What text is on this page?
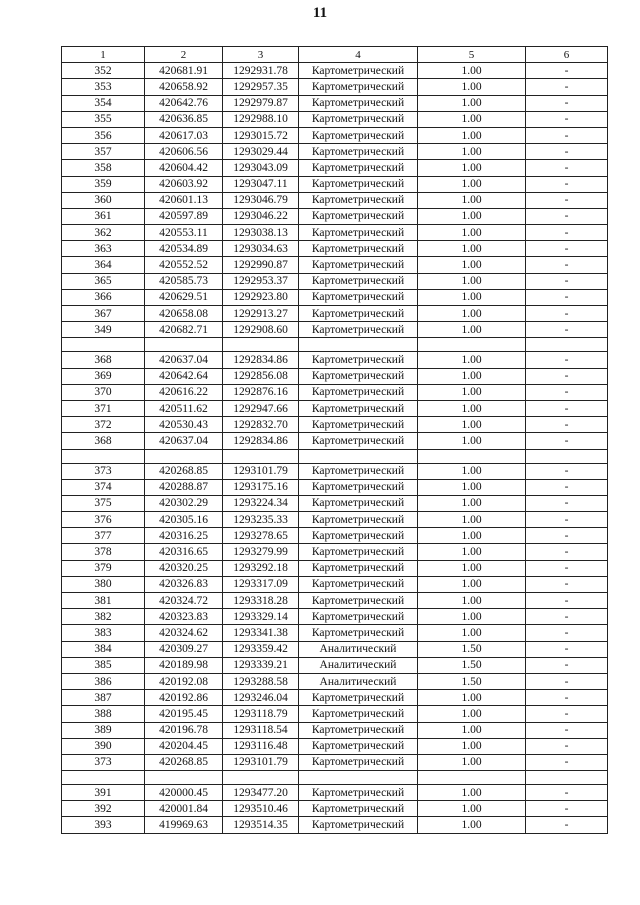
11
1	2	3	4	5	6
352	420681.91	1292931.78	Картометрический	1.00	-
353	420658.92	1292957.35	Картометрический	1.00	-
354	420642.76	1292979.87	Картометрический	1.00	-
355	420636.85	1292988.10	Картометрический	1.00	-
356	420617.03	1293015.72	Картометрический	1.00	-
357	420606.56	1293029.44	Картометрический	1.00	-
358	420604.42	1293043.09	Картометрический	1.00	-
359	420603.92	1293047.11	Картометрический	1.00	-
360	420601.13	1293046.79	Картометрический	1.00	-
361	420597.89	1293046.22	Картометрический	1.00	-
362	420553.11	1293038.13	Картометрический	1.00	-
363	420534.89	1293034.63	Картометрический	1.00	-
364	420552.52	1292990.87	Картометрический	1.00	-
365	420585.73	1292953.37	Картометрический	1.00	-
366	420629.51	1292923.80	Картометрический	1.00	-
367	420658.08	1292913.27	Картометрический	1.00	-
349	420682.71	1292908.60	Картометрический	1.00	-

368	420637.04	1292834.86	Картометрический	1.00	-
369	420642.64	1292856.08	Картометрический	1.00	-
370	420616.22	1292876.16	Картометрический	1.00	-
371	420511.62	1292947.66	Картометрический	1.00	-
372	420530.43	1292832.70	Картометрический	1.00	-
368	420637.04	1292834.86	Картометрический	1.00	-

373	420268.85	1293101.79	Картометрический	1.00	-
374	420288.87	1293175.16	Картометрический	1.00	-
375	420302.29	1293224.34	Картометрический	1.00	-
376	420305.16	1293235.33	Картометрический	1.00	-
377	420316.25	1293278.65	Картометрический	1.00	-
378	420316.65	1293279.99	Картометрический	1.00	-
379	420320.25	1293292.18	Картометрический	1.00	-
380	420326.83	1293317.09	Картометрический	1.00	-
381	420324.72	1293318.28	Картометрический	1.00	-
382	420323.83	1293329.14	Картометрический	1.00	-
383	420324.62	1293341.38	Картометрический	1.00	-
384	420309.27	1293359.42	Аналитический	1.50	-
385	420189.98	1293339.21	Аналитический	1.50	-
386	420192.08	1293288.58	Аналитический	1.50	-
387	420192.86	1293246.04	Картометрический	1.00	-
388	420195.45	1293118.79	Картометрический	1.00	-
389	420196.78	1293118.54	Картометрический	1.00	-
390	420204.45	1293116.48	Картометрический	1.00	-
373	420268.85	1293101.79	Картометрический	1.00	-

391	420000.45	1293477.20	Картометрический	1.00	-
392	420001.84	1293510.46	Картометрический	1.00	-
393	419969.63	1293514.35	Картометрический	1.00	-
